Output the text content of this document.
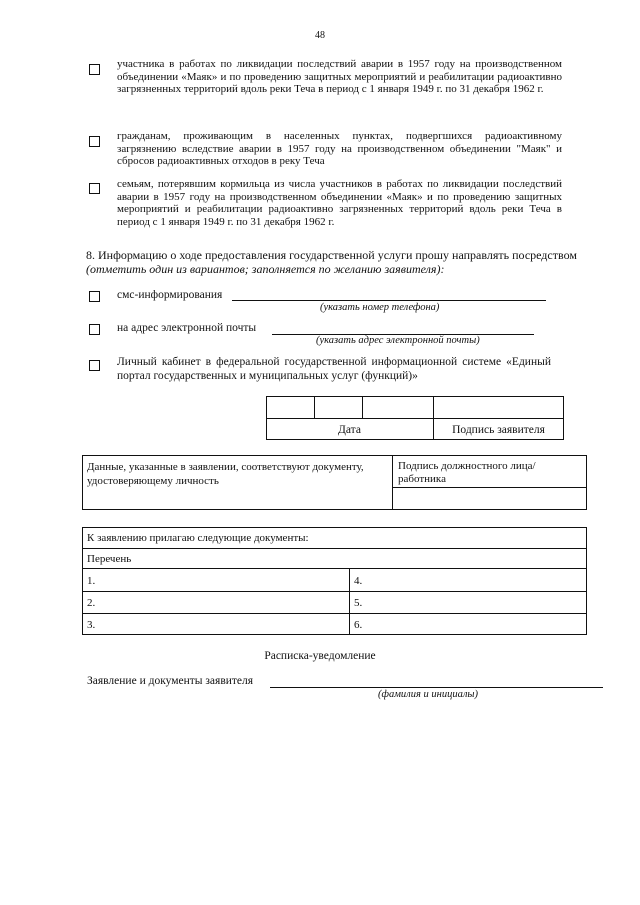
48
участника в работах по ликвидации последствий аварии в 1957 году на производственном объединении «Маяк» и по проведению защитных мероприятий и реабилитации радиоактивно загрязненных территорий вдоль реки Теча в период с 1 января 1949 г. по 31 декабря 1962 г.
гражданам, проживающим в населенных пунктах, подвергшихся радиоактивному загрязнению вследствие аварии в 1957 году на производственном объединении "Маяк" и сбросов радиоактивных отходов в реку Теча
семьям, потерявшим кормильца из числа участников в работах по ликвидации последствий аварии в 1957 году на производственном объединении «Маяк» и по проведению защитных мероприятий и реабилитации радиоактивно загрязненных территорий вдоль реки Теча в период с 1 января 1949 г. по 31 декабря 1962 г.
8. Информацию о ходе предоставления государственной услуги прошу направлять посредством
(отметить один из вариантов; заполняется по желанию заявителя):
смс-информирования
(указать номер телефона)
на адрес электронной почты
(указать адрес электронной почты)
Личный кабинет в федеральной государственной информационной системе «Единый портал государственных и муниципальных услуг (функций)»
Дата	Подпись заявителя
Данные, указанные в заявлении, соответствуют документу, удостоверяющему личность
Подпись должностного лица/работника
К заявлению прилагаю следующие документы:
Перечень
1.
2.
3.
4.
5.
6.
Расписка-уведомление
Заявление и документы заявителя
(фамилия и инициалы)
